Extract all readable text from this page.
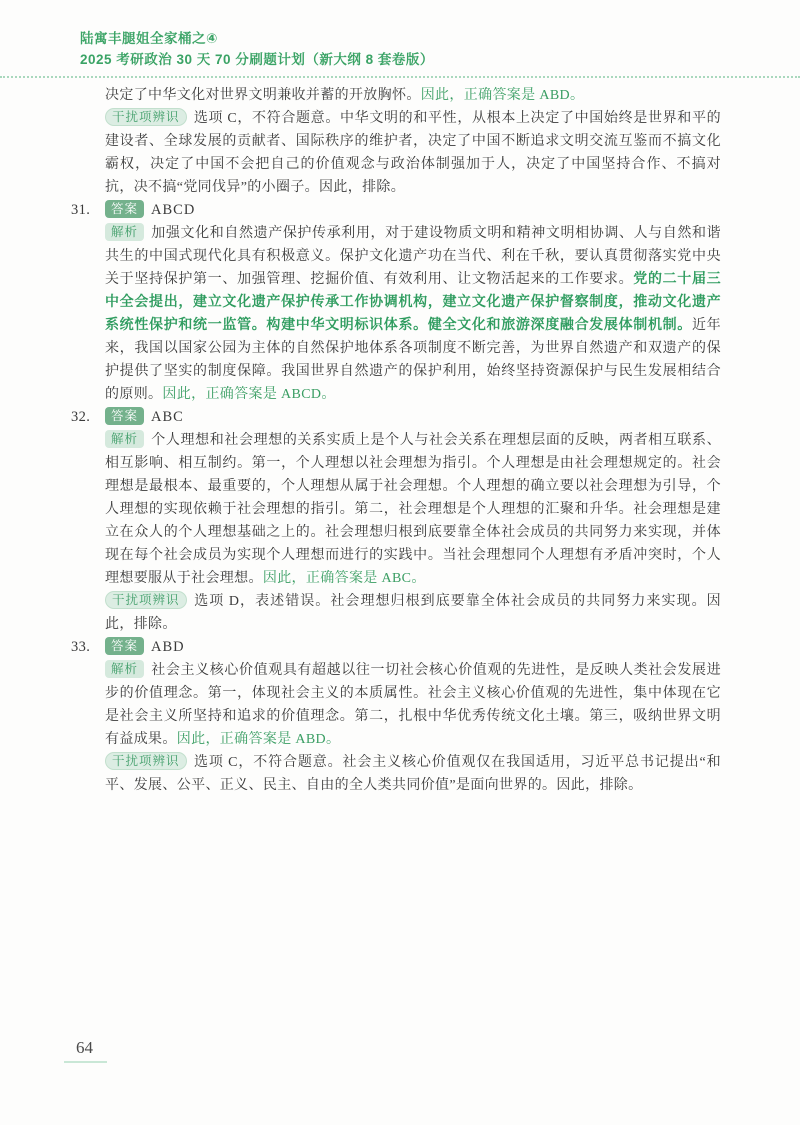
陆寓丰腿姐全家桶之④
2025 考研政治 30 天 70 分刷题计划（新大纲 8 套卷版）

决定了中华文化对世界文明兼收并蓄的开放胸怀。因此，正确答案是 ABD。

干扰项辨识 选项 C，不符合题意。中华文明的和平性，从根本上决定了中国始终是世界和平的建设者、全球发展的贡献者、国际秩序的维护者，决定了中国不断追求文明交流互鉴而不搞文化霸权，决定了中国不会把自己的价值观念与政治体制强加于人，决定了中国坚持合作、不搞对抗，决不搞“党同伐异”的小圈子。因此，排除。

31.	答案 ABCD

解析 加强文化和自然遗产保护传承利用，对于建设物质文明和精神文明相协调、人与自然和谐共生的中国式现代化具有积极意义。保护文化遗产功在当代、利在千秋，要认真贯彻落实党中央关于坚持保护第一、加强管理、挖掘价值、有效利用、让文物活起来的工作要求。党的二十届三中全会提出，建立文化遗产保护传承工作协调机构，建立文化遗产保护督察制度，推动文化遗产系统性保护和统一监管。构建中华文明标识体系。健全文化和旅游深度融合发展体制机制。近年来，我国以国家公园为主体的自然保护地体系各项制度不断完善，为世界自然遗产和双遗产的保护提供了坚实的制度保障。我国世界自然遗产的保护利用，始终坚持资源保护与民生发展相结合的原则。因此，正确答案是 ABCD。

32.	答案 ABC

解析 个人理想和社会理想的关系实质上是个人与社会关系在理想层面的反映，两者相互联系、相互影响、相互制约。第一，个人理想以社会理想为指引。个人理想是由社会理想规定的。社会理想是最根本、最重要的，个人理想从属于社会理想。个人理想的确立要以社会理想为引导，个人理想的实现依赖于社会理想的指引。第二，社会理想是个人理想的汇聚和升华。社会理想是建立在众人的个人理想基础之上的。社会理想归根到底要靠全体社会成员的共同努力来实现，并体现在每个社会成员为实现个人理想而进行的实践中。当社会理想同个人理想有矛盾冲突时，个人理想要服从于社会理想。因此，正确答案是 ABC。

干扰项辨识 选项 D，表述错误。社会理想归根到底要靠全体社会成员的共同努力来实现。因此，排除。

33.	答案 ABD

解析 社会主义核心价值观具有超越以往一切社会核心价值观的先进性，是反映人类社会发展进步的价值理念。第一，体现社会主义的本质属性。社会主义核心价值观的先进性，集中体现在它是社会主义所坚持和追求的价值理念。第二，扎根中华优秀传统文化土壤。第三，吸纳世界文明有益成果。因此，正确答案是 ABD。

干扰项辨识 选项 C，不符合题意。社会主义核心价值观仅在我国适用，习近平总书记提出“和平、发展、公平、正义、民主、自由的全人类共同价值”是面向世界的。因此，排除。

64
